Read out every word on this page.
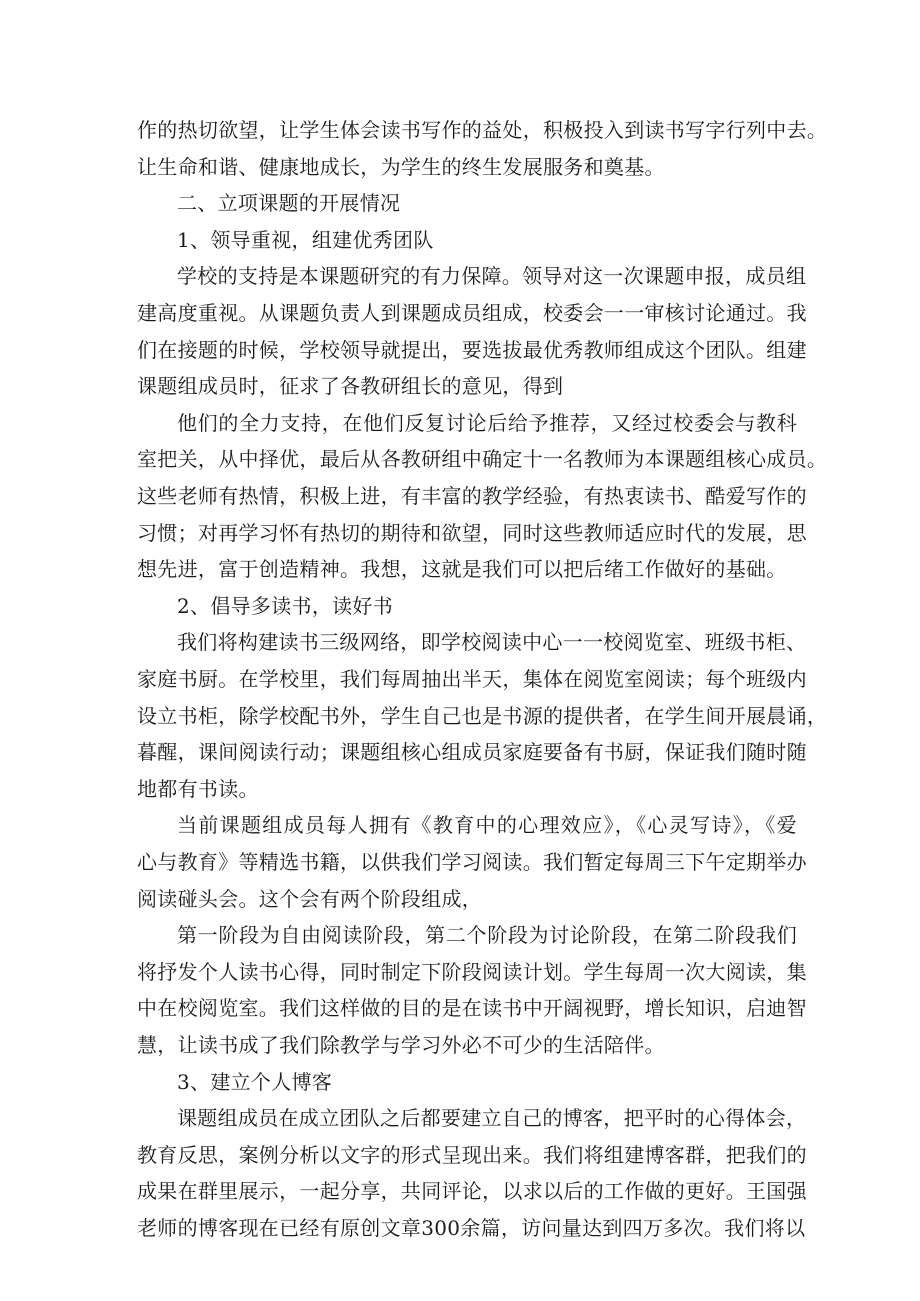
作的热切欲望，让学生体会读书写作的益处，积极投入到读书写字行列中去。
让生命和谐、健康地成长，为学生的终生发展服务和奠基。
二、立项课题的开展情况
1、领导重视，组建优秀团队
学校的支持是本课题研究的有力保障。领导对这一次课题申报，成员组
建高度重视。从课题负责人到课题成员组成，校委会一一审核讨论通过。我
们在接题的时候，学校领导就提出，要选拔最优秀教师组成这个团队。组建
课题组成员时，征求了各教研组长的意见，得到
他们的全力支持，在他们反复讨论后给予推荐，又经过校委会与教科
室把关，从中择优，最后从各教研组中确定十一名教师为本课题组核心成员。
这些老师有热情，积极上进，有丰富的教学经验，有热衷读书、酷爱写作的
习惯；对再学习怀有热切的期待和欲望，同时这些教师适应时代的发展，思
想先进，富于创造精神。我想，这就是我们可以把后绪工作做好的基础。
2、倡导多读书，读好书
我们将构建读书三级网络，即学校阅读中心一一校阅览室、班级书柜、
家庭书厨。在学校里，我们每周抽出半天，集体在阅览室阅读；每个班级内
设立书柜，除学校配书外，学生自己也是书源的提供者，在学生间开展晨诵，
暮醒，课间阅读行动；课题组核心组成员家庭要备有书厨，保证我们随时随
地都有书读。
当前课题组成员每人拥有《教育中的心理效应》，《心灵写诗》，《爱
心与教育》等精选书籍，以供我们学习阅读。我们暂定每周三下午定期举办
阅读碰头会。这个会有两个阶段组成，
第一阶段为自由阅读阶段，第二个阶段为讨论阶段，在第二阶段我们
将抒发个人读书心得，同时制定下阶段阅读计划。学生每周一次大阅读，集
中在校阅览室。我们这样做的目的是在读书中开阔视野，增长知识，启迪智
慧，让读书成了我们除教学与学习外必不可少的生活陪伴。
3、建立个人博客
课题组成员在成立团队之后都要建立自己的博客，把平时的心得体会，
教育反思，案例分析以文字的形式呈现出来。我们将组建博客群，把我们的
成果在群里展示，一起分享，共同评论，以求以后的工作做的更好。王国强
老师的博客现在已经有原创文章300余篇，访问量达到四万多次。我们将以
